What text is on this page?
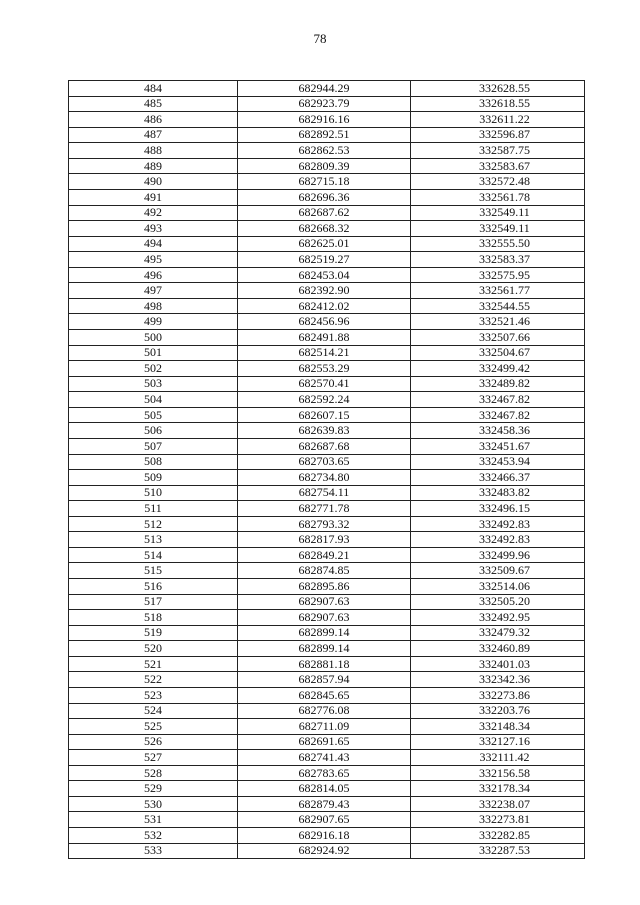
78
484	682944.29	332628.55
485	682923.79	332618.55
486	682916.16	332611.22
487	682892.51	332596.87
488	682862.53	332587.75
489	682809.39	332583.67
490	682715.18	332572.48
491	682696.36	332561.78
492	682687.62	332549.11
493	682668.32	332549.11
494	682625.01	332555.50
495	682519.27	332583.37
496	682453.04	332575.95
497	682392.90	332561.77
498	682412.02	332544.55
499	682456.96	332521.46
500	682491.88	332507.66
501	682514.21	332504.67
502	682553.29	332499.42
503	682570.41	332489.82
504	682592.24	332467.82
505	682607.15	332467.82
506	682639.83	332458.36
507	682687.68	332451.67
508	682703.65	332453.94
509	682734.80	332466.37
510	682754.11	332483.82
511	682771.78	332496.15
512	682793.32	332492.83
513	682817.93	332492.83
514	682849.21	332499.96
515	682874.85	332509.67
516	682895.86	332514.06
517	682907.63	332505.20
518	682907.63	332492.95
519	682899.14	332479.32
520	682899.14	332460.89
521	682881.18	332401.03
522	682857.94	332342.36
523	682845.65	332273.86
524	682776.08	332203.76
525	682711.09	332148.34
526	682691.65	332127.16
527	682741.43	332111.42
528	682783.65	332156.58
529	682814.05	332178.34
530	682879.43	332238.07
531	682907.65	332273.81
532	682916.18	332282.85
533	682924.92	332287.53
